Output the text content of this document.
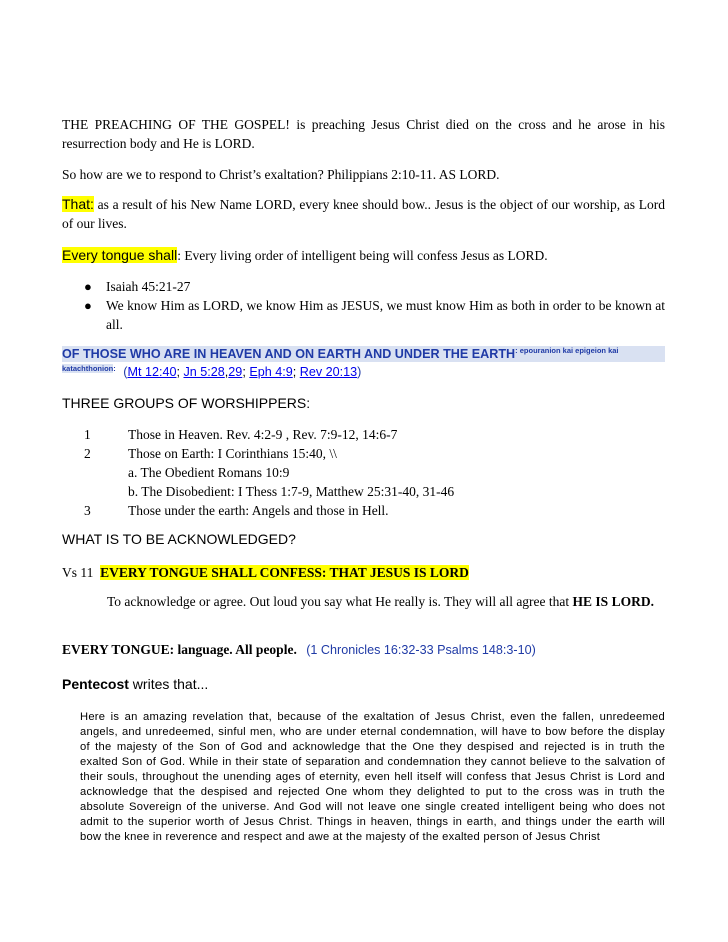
THE PREACHING OF THE GOSPEL! is preaching Jesus Christ died on the cross and he arose in his resurrection body and He is LORD.
So how are we to respond to Christ’s exaltation? Philippians 2:10-11. AS LORD.
That: as a result of his New Name LORD, every knee should bow.. Jesus is the object of our worship, as Lord of our lives.
Every tongue shall: Every living order of intelligent being will confess Jesus as LORD.
● Isaiah 45:21-27
● We know Him as LORD, we know Him as JESUS, we must know Him as both in order to be known at all.
OF THOSE WHO ARE IN HEAVEN AND ON EARTH AND UNDER THE $EARTH^{: epouranion kai epigeion kai}$
$^{katachthonion:}$ (Mt 12:40; Jn 5:28,29; Eph 4:9; Rev 20:13)
THREE GROUPS OF WORSHIPPERS:
1	Those in Heaven. Rev. 4:2-9 , Rev. 7:9-12, 14:6-7
2	Those on Earth: I Corinthians 15:40, \\
a. The Obedient Romans 10:9
b. The Disobedient: I Thess 1:7-9, Matthew 25:31-40, 31-46
3	Those under the earth: Angels and those in Hell.
WHAT IS TO BE ACKNOWLEDGED?
Vs 11  EVERY TONGUE SHALL CONFESS: THAT JESUS IS LORD
To acknowledge or agree. Out loud you say what He really is. They will all agree that HE IS LORD.
EVERY TONGUE: language. All people. (1 Chronicles 16:32-33 Psalms 148:3-10)
Pentecost writes that...
Here is an amazing revelation that, because of the exaltation of Jesus Christ, even the fallen, unredeemed angels, and unredeemed, sinful men, who are under eternal condemnation, will have to bow before the display of the majesty of the Son of God and acknowledge that the One they despised and rejected is in truth the exalted Son of God. While in their state of separation and condemnation they cannot believe to the salvation of their souls, throughout the unending ages of eternity, even hell itself will confess that Jesus Christ is Lord and acknowledge that the despised and rejected One whom they delighted to put to the cross was in truth the absolute Sovereign of the universe. And God will not leave one single created intelligent being who does not admit to the superior worth of Jesus Christ. Things in heaven, things in earth, and things under the earth will bow the knee in reverence and respect and awe at the majesty of the exalted person of Jesus Christ
